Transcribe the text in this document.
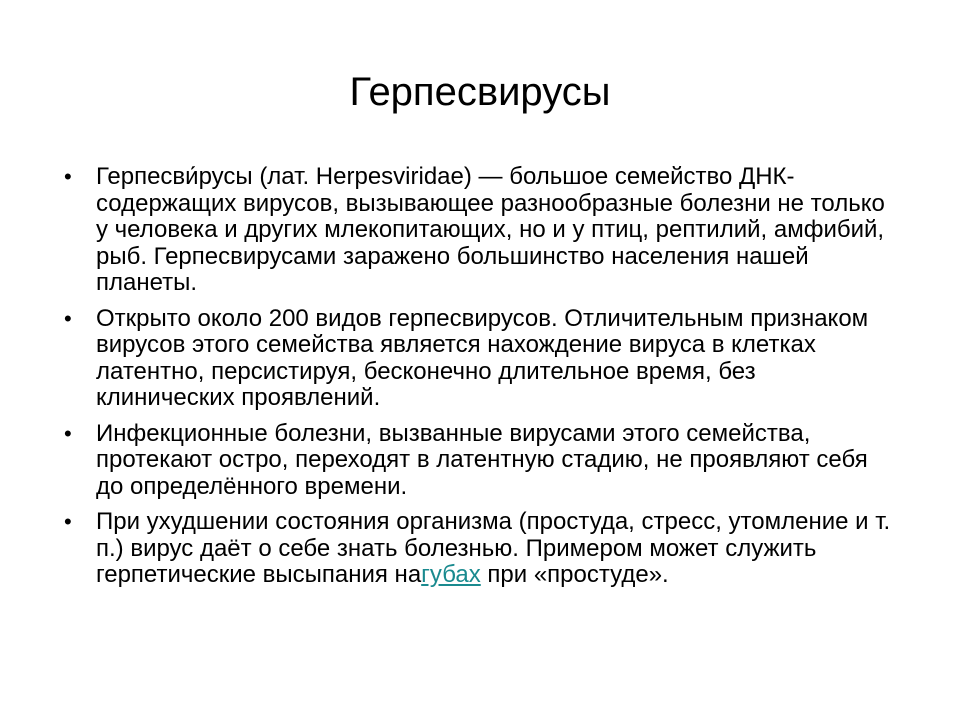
Герпесвирусы
• Герпесви́русы (лат. Herpesviridae) — большое семейство ДНК-содержащих вирусов, вызывающее разнообразные болезни не только у человека и других млекопитающих, но и у птиц, рептилий, амфибий, рыб. Герпесвирусами заражено большинство населения нашей планеты.
• Открыто около 200 видов герпесвирусов. Отличительным признаком вирусов этого семейства является нахождение вируса в клетках латентно, персистируя, бесконечно длительное время, без клинических проявлений.
• Инфекционные болезни, вызванные вирусами этого семейства, протекают остро, переходят в латентную стадию, не проявляют себя до определённого времени.
• При ухудшении состояния организма (простуда, стресс, утомление и т. п.) вирус даёт о себе знать болезнью. Примером может служить герпетические высыпания нагубах при «простуде».
